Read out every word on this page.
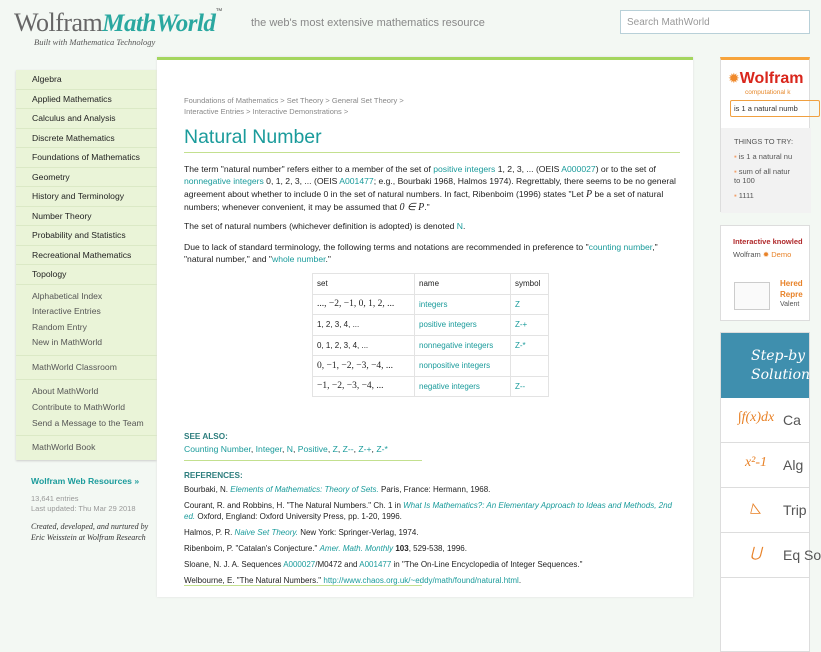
WolframMathWorld™
Built with Mathematica Technology
the web's most extensive mathematics resource	Search MathWorld
Algebra
Applied Mathematics
Calculus and Analysis
Discrete Mathematics
Foundations of Mathematics
Geometry
History and Terminology
Number Theory
Probability and Statistics
Recreational Mathematics
Topology
Alphabetical Index
Interactive Entries
Random Entry
New in MathWorld
MathWorld Classroom
About MathWorld
Contribute to MathWorld
Send a Message to the Team
MathWorld Book
Wolfram Web Resources »
13,641 entries
Last updated: Thu Mar 29 2018
Created, developed, and nurtured by Eric Weisstein at Wolfram Research
Foundations of Mathematics > Set Theory > General Set Theory >
Interactive Entries > Interactive Demonstrations >
Natural Number
The term "natural number" refers either to a member of the set of positive integers 1, 2, 3, ... (OEIS A000027) or to the set of nonnegative integers 0, 1, 2, 3, ... (OEIS A001477; e.g., Bourbaki 1968, Halmos 1974). Regrettably, there seems to be no general agreement about whether to include 0 in the set of natural numbers. In fact, Ribenboim (1996) states "Let P be a set of natural numbers; whenever convenient, it may be assumed that 0 ∈ P."
The set of natural numbers (whichever definition is adopted) is denoted N.
Due to lack of standard terminology, the following terms and notations are recommended in preference to "counting number," "natural number," and "whole number."
set	name	symbol
..., −2, −1, 0, 1, 2, ...	integers	Z
1, 2, 3, 4, ...	positive integers	Z-+
0, 1, 2, 3, 4, ...	nonnegative integers	Z-*
0, −1, −2, −3, −4, ...	nonpositive integers	
−1, −2, −3, −4, ...	negative integers	Z--
SEE ALSO:
Counting Number, Integer, N, Positive, Z, Z--, Z-+, Z-*
REFERENCES:
Bourbaki, N. Elements of Mathematics: Theory of Sets. Paris, France: Hermann, 1968.
Courant, R. and Robbins, H. "The Natural Numbers." Ch. 1 in What Is Mathematics?: An Elementary Approach to Ideas and Methods, 2nd ed. Oxford, England: Oxford University Press, pp. 1-20, 1996.
Halmos, P. R. Naive Set Theory. New York: Springer-Verlag, 1974.
Ribenboim, P. "Catalan's Conjecture." Amer. Math. Monthly 103, 529-538, 1996.
Sloane, N. J. A. Sequences A000027/M0472 and A001477 in "The On-Line Encyclopedia of Integer Sequences."
Welbourne, E. "The Natural Numbers." http://www.chaos.org.uk/~eddy/math/found/natural.html.
✹Wolfram
computational k
is 1 a natural numb
THINGS TO TRY:
▪ is 1 a natural nu
▪ sum of all natur to 100
▪ 1111
Interactive knowled
Wolfram ✹ Demo
Hered Repre
Valent
Step-by Solution
∫f(x)dx Ca
x²-1	Alg
◺	Trip
⋃	Eq So
